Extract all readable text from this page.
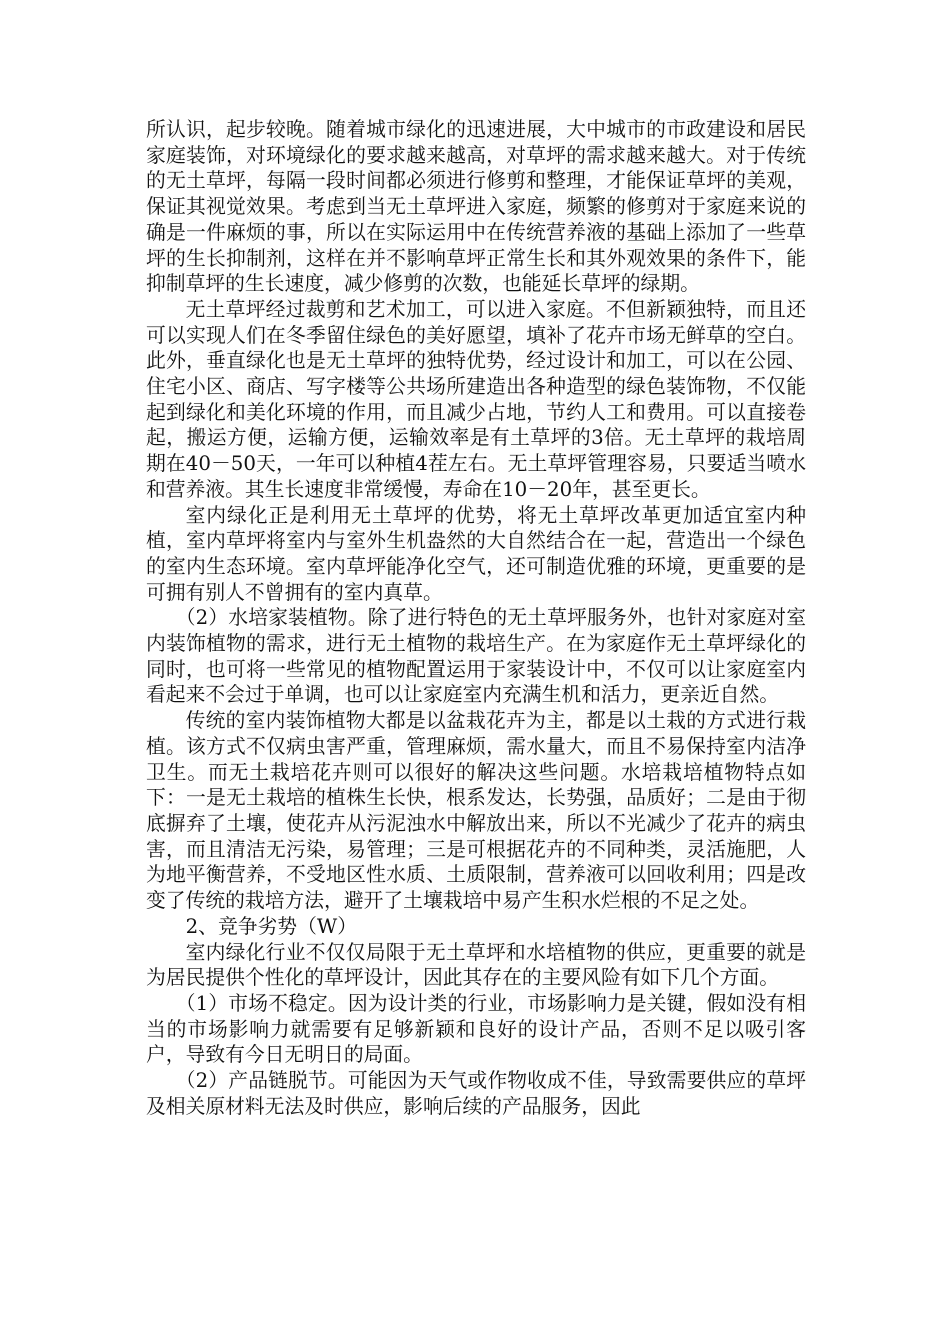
所认识，起步较晚。随着城市绿化的迅速进展，大中城市的市政建设和居民家庭装饰，对环境绿化的要求越来越高，对草坪的需求越来越大。对于传统的无土草坪，每隔一段时间都必须进行修剪和整理，才能保证草坪的美观，保证其视觉效果。考虑到当无土草坪进入家庭，频繁的修剪对于家庭来说的确是一件麻烦的事，所以在实际运用中在传统营养液的基础上添加了一些草坪的生长抑制剂，这样在并不影响草坪正常生长和其外观效果的条件下，能抑制草坪的生长速度，减少修剪的次数，也能延长草坪的绿期。

无土草坪经过裁剪和艺术加工，可以进入家庭。不但新颖独特，而且还可以实现人们在冬季留住绿色的美好愿望，填补了花卉市场无鲜草的空白。此外，垂直绿化也是无土草坪的独特优势，经过设计和加工，可以在公园、住宅小区、商店、写字楼等公共场所建造出各种造型的绿色装饰物，不仅能起到绿化和美化环境的作用，而且减少占地，节约人工和费用。可以直接卷起，搬运方便，运输方便，运输效率是有土草坪的3倍。无土草坪的栽培周期在40－50天，一年可以种植4茬左右。无土草坪管理容易，只要适当喷水和营养液。其生长速度非常缓慢，寿命在10－20年，甚至更长。

室内绿化正是利用无土草坪的优势，将无土草坪改革更加适宜室内种植，室内草坪将室内与室外生机盎然的大自然结合在一起，营造出一个绿色的室内生态环境。室内草坪能净化空气，还可制造优雅的环境，更重要的是可拥有别人不曾拥有的室内真草。

（2）水培家装植物。除了进行特色的无土草坪服务外，也针对家庭对室内装饰植物的需求，进行无土植物的栽培生产。在为家庭作无土草坪绿化的同时，也可将一些常见的植物配置运用于家装设计中，不仅可以让家庭室内看起来不会过于单调，也可以让家庭室内充满生机和活力，更亲近自然。

传统的室内装饰植物大都是以盆栽花卉为主，都是以土栽的方式进行栽植。该方式不仅病虫害严重，管理麻烦，需水量大，而且不易保持室内洁净卫生。而无土栽培花卉则可以很好的解决这些问题。水培栽培植物特点如下：一是无土栽培的植株生长快，根系发达，长势强，品质好；二是由于彻底摒弃了土壤，使花卉从污泥浊水中解放出来，所以不光减少了花卉的病虫害，而且清洁无污染，易管理；三是可根据花卉的不同种类，灵活施肥，人为地平衡营养，不受地区性水质、土质限制，营养液可以回收利用；四是改变了传统的栽培方法，避开了土壤栽培中易产生积水烂根的不足之处。

2、竞争劣势（W）

室内绿化行业不仅仅局限于无土草坪和水培植物的供应，更重要的就是为居民提供个性化的草坪设计，因此其存在的主要风险有如下几个方面。

（1）市场不稳定。因为设计类的行业，市场影响力是关键，假如没有相当的市场影响力就需要有足够新颖和良好的设计产品，否则不足以吸引客户，导致有今日无明日的局面。

（2）产品链脱节。可能因为天气或作物收成不佳，导致需要供应的草坪及相关原材料无法及时供应，影响后续的产品服务，因此
